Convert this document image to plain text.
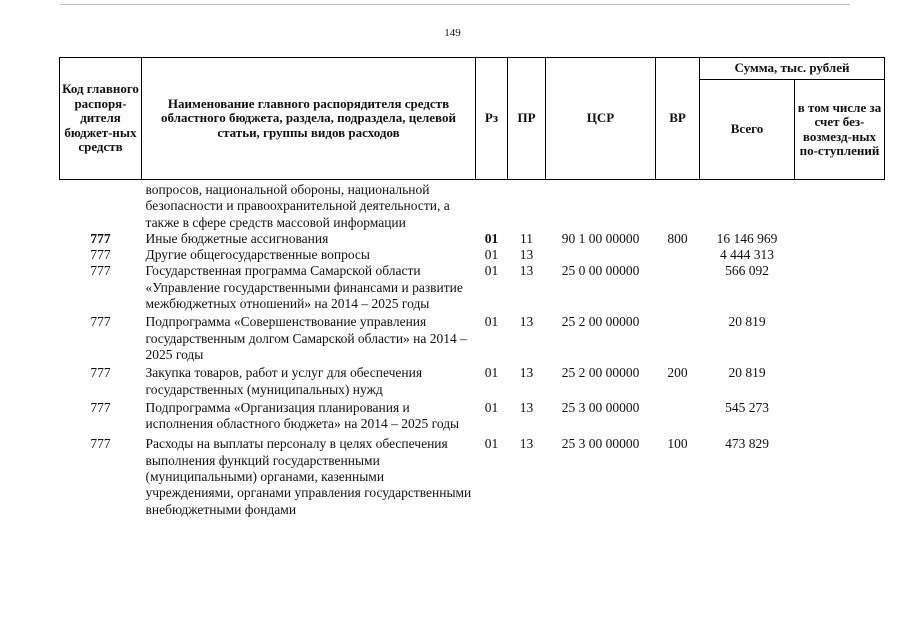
149
Код главного распоря-дителя бюджет-ных средств	Наименование главного распорядителя средств областного бюджета, раздела, подраздела, целевой статьи, группы видов расходов	Рз	ПР	ЦСР	ВР	Сумма, тыс. рублей	
						Всего	в том числе за счет без-возмезд-ных по-ступлений
	вопросов, национальной обороны, национальной безопасности и правоохранительной деятельности, а также в сфере средств массовой информации						
777	Иные бюджетные ассигнования	01	11	90 1 00 00000	800	16 146 969	
777	Другие общегосударственные вопросы	01	13			4 444 313	
777	Государственная программа Самарской области «Управление государственными финансами и развитие межбюджетных отношений» на 2014 – 2025 годы	01	13	25 0 00 00000		566 092	
777	Подпрограмма «Совершенствование управления государственным долгом Самарской области» на 2014 – 2025 годы	01	13	25 2 00 00000		20 819	
777	Закупка товаров, работ и услуг для обеспечения государственных (муниципальных) нужд	01	13	25 2 00 00000	200	20 819	
777	Подпрограмма «Организация планирования и исполнения областного бюджета» на 2014 – 2025 годы	01	13	25 3 00 00000		545 273	
777	Расходы на выплаты персоналу в целях обеспечения выполнения функций государственными (муниципальными) органами, казенными учреждениями, органами управления государственными внебюджетными фондами	01	13	25 3 00 00000	100	473 829	
